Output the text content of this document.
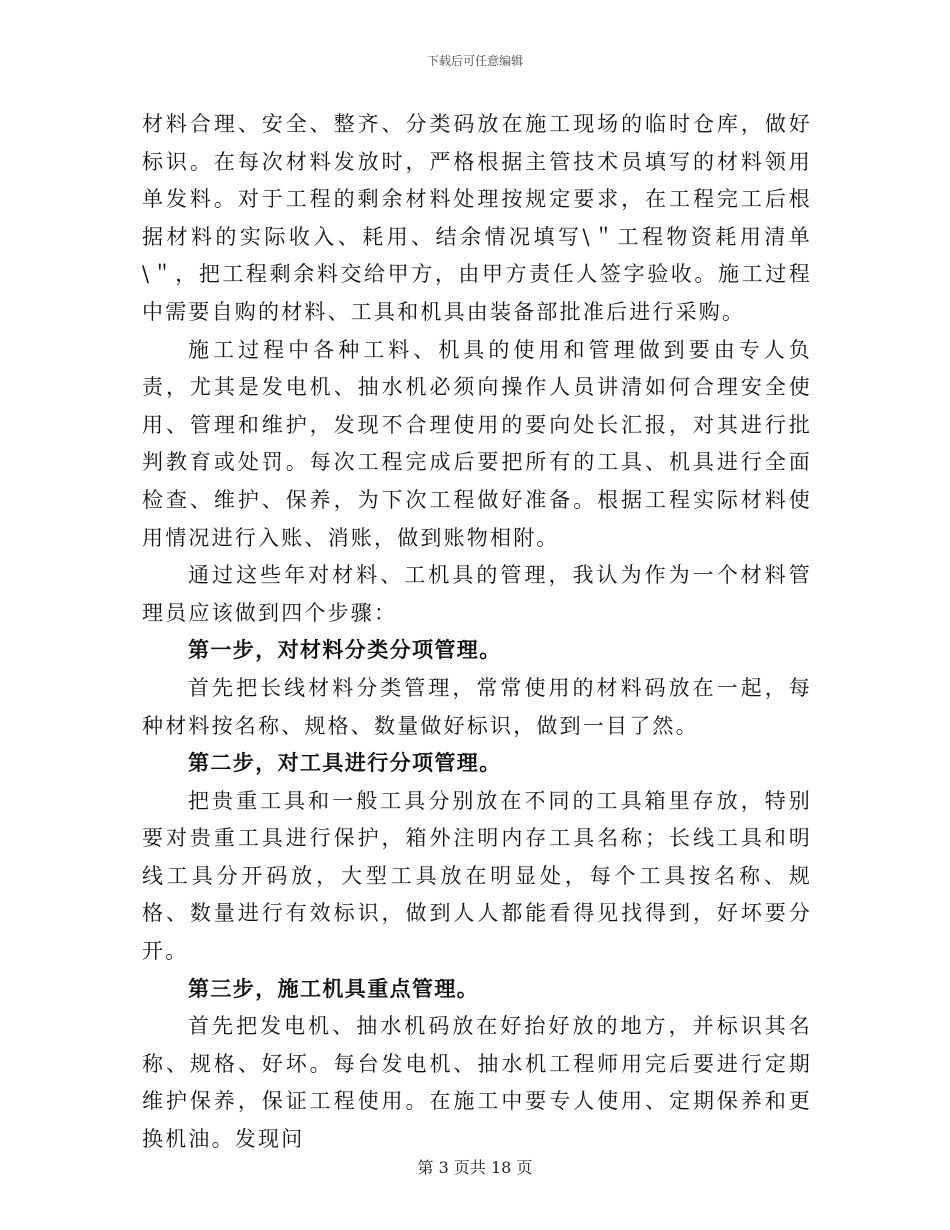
下载后可任意编辑

材料合理、安全、整齐、分类码放在施工现场的临时仓库，做好标识。在每次材料发放时，严格根据主管技术员填写的材料领用单发料。对于工程的剩余材料处理按规定要求，在工程完工后根据材料的实际收入、耗用、结余情况填写\＂工程物资耗用清单\＂，把工程剩余料交给甲方，由甲方责任人签字验收。施工过程中需要自购的材料、工具和机具由装备部批准后进行采购。

施工过程中各种工料、机具的使用和管理做到要由专人负责，尤其是发电机、抽水机必须向操作人员讲清如何合理安全使用、管理和维护，发现不合理使用的要向处长汇报，对其进行批判教育或处罚。每次工程完成后要把所有的工具、机具进行全面检查、维护、保养，为下次工程做好准备。根据工程实际材料使用情况进行入账、消账，做到账物相附。

通过这些年对材料、工机具的管理，我认为作为一个材料管理员应该做到四个步骤：

第一步，对材料分类分项管理。

首先把长线材料分类管理，常常使用的材料码放在一起，每种材料按名称、规格、数量做好标识，做到一目了然。

第二步，对工具进行分项管理。

把贵重工具和一般工具分别放在不同的工具箱里存放，特别要对贵重工具进行保护，箱外注明内存工具名称；长线工具和明线工具分开码放，大型工具放在明显处，每个工具按名称、规格、数量进行有效标识，做到人人都能看得见找得到，好坏要分开。

第三步，施工机具重点管理。

首先把发电机、抽水机码放在好抬好放的地方，并标识其名称、规格、好坏。每台发电机、抽水机工程师用完后要进行定期维护保养，保证工程使用。在施工中要专人使用、定期保养和更换机油。发现问

第 3 页共 18 页
